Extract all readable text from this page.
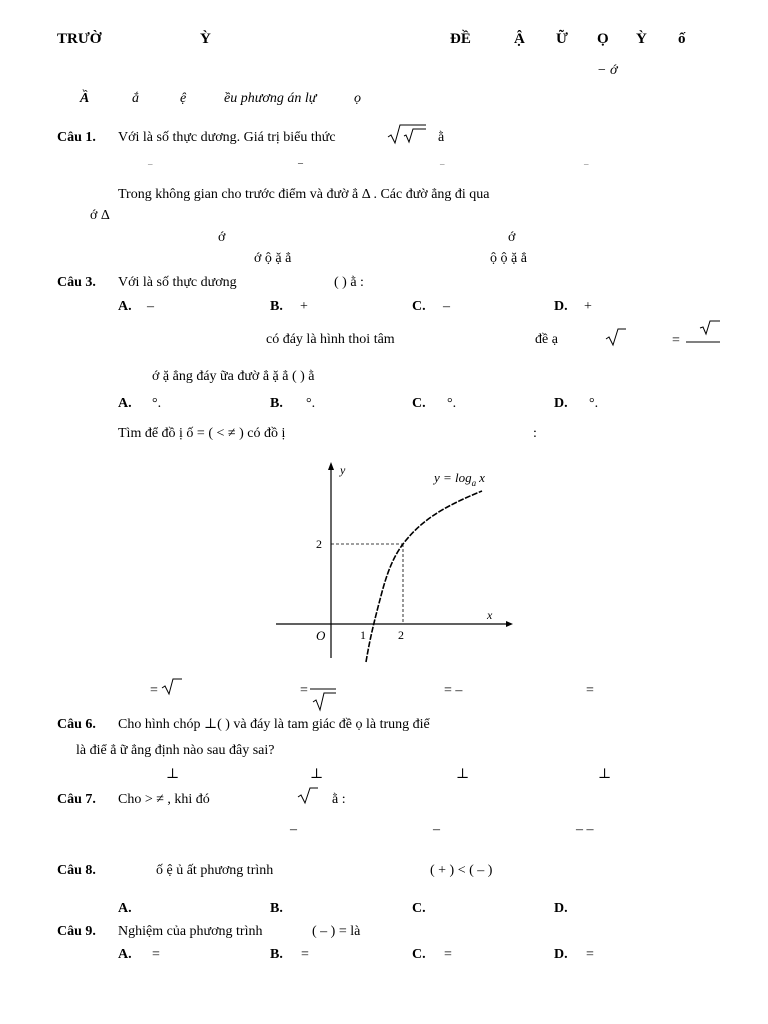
TRƯỜ	Ỳ	ĐỀ	Ậ Ữ Ọ Ỳ ố
− ớ
Ầ	ắ	ệ	ều phương án lự	ọ
Câu 1. Với là số thực dương. Giá trị biểu thức	ằ
–	–	–	–
Trong không gian cho trước điểm và đườ ẳ Δ . Các đườ ẳng đi qua
ớ Δ
ớ	ớ
ớ ộ ặ ẳ	ộ ộ ặ ẳ
Câu 3. Với là số thực dương	( ) ằ :
A. –	B. +	C. –	D. +
có đáy là hình thoi tâm	đề ạ	=
ớ ặ ẳng đáy ữa đườ ẳ ặ ẳ ( ) ằ
A. °.	B. °.	C. °.	D. °.
Tìm để đồ ị ố = ( < ≠ ) có đồ ị	:
y
x
O	1	2
2
$y = \log_a x$
=	=	= –	=
Câu 6. Cho hình chóp ⊥( ) và đáy là tam giác đề ọ là trung điể
là điể ẳ ữ ẳng định nào sau đây sai?
⊥	⊥	⊥	⊥
Câu 7. Cho > ≠ , khi đó	ằ :
–	–	– –
Câu 8.	ố ệ ủ ất phương trình	( + ) < ( – )
A.	B.	C.	D.
Câu 9. Nghiệm của phương trình	( – ) = là
A. =	B. =	C. =	D. =
